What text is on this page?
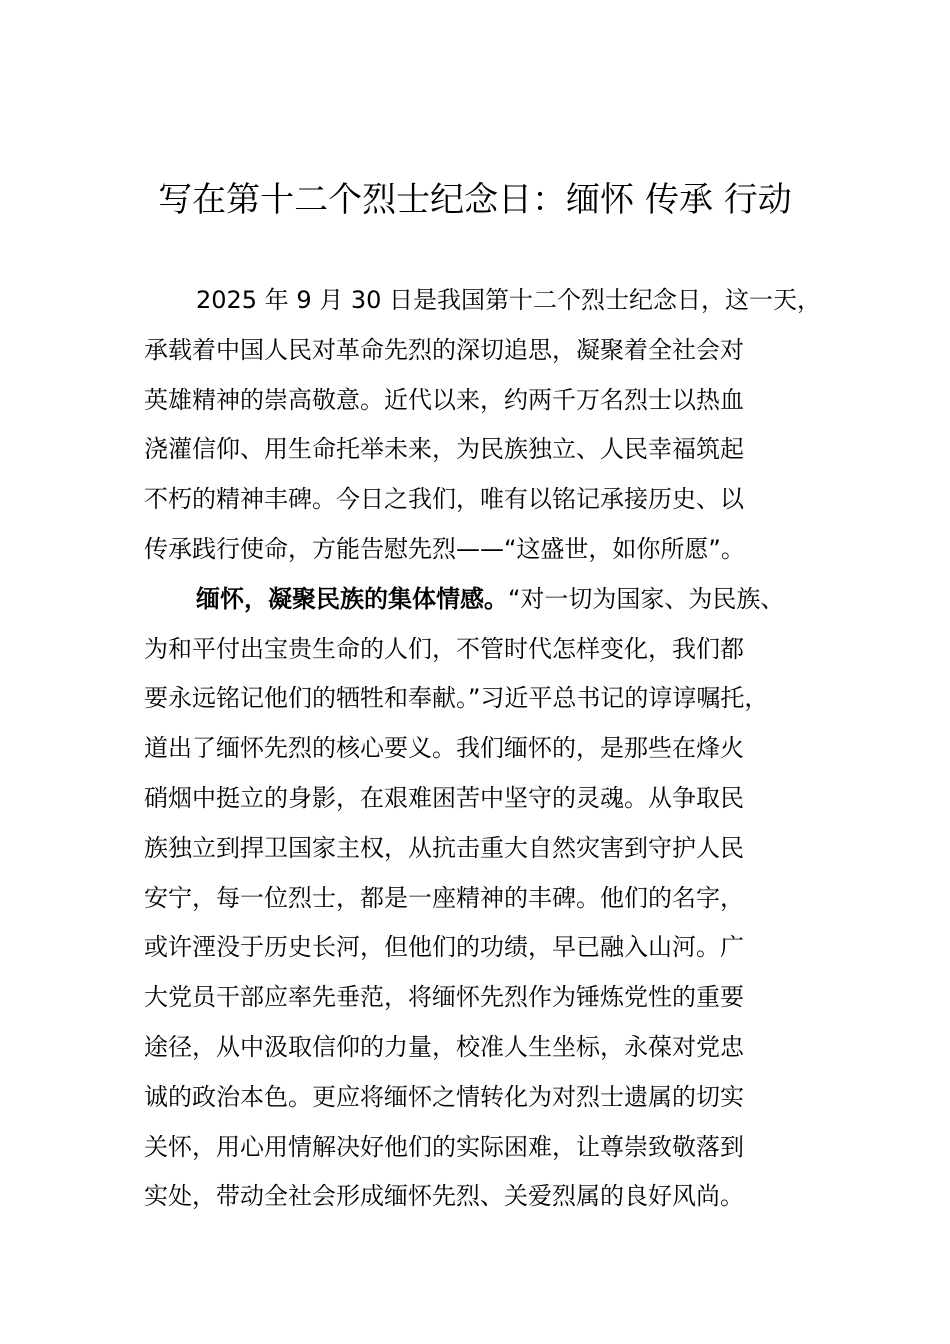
写在第十二个烈士纪念日：缅怀 传承 行动
2025 年 9 月 30 日是我国第十二个烈士纪念日，这一天，
承载着中国人民对革命先烈的深切追思，凝聚着全社会对
英雄精神的崇高敬意。近代以来，约两千万名烈士以热血
浇灌信仰、用生命托举未来，为民族独立、人民幸福筑起
不朽的精神丰碑。今日之我们，唯有以铭记承接历史、以
传承践行使命，方能告慰先烈——“这盛世，如你所愿”。
缅怀，凝聚民族的集体情感。“对一切为国家、为民族、
为和平付出宝贵生命的人们，不管时代怎样变化，我们都
要永远铭记他们的牺牲和奉献。”习近平总书记的谆谆嘱托，
道出了缅怀先烈的核心要义。我们缅怀的，是那些在烽火
硝烟中挺立的身影，在艰难困苦中坚守的灵魂。从争取民
族独立到捍卫国家主权，从抗击重大自然灾害到守护人民
安宁，每一位烈士，都是一座精神的丰碑。他们的名字，
或许湮没于历史长河，但他们的功绩，早已融入山河。广
大党员干部应率先垂范，将缅怀先烈作为锤炼党性的重要
途径，从中汲取信仰的力量，校准人生坐标，永葆对党忠
诚的政治本色。更应将缅怀之情转化为对烈士遗属的切实
关怀，用心用情解决好他们的实际困难，让尊崇致敬落到
实处，带动全社会形成缅怀先烈、关爱烈属的良好风尚。
